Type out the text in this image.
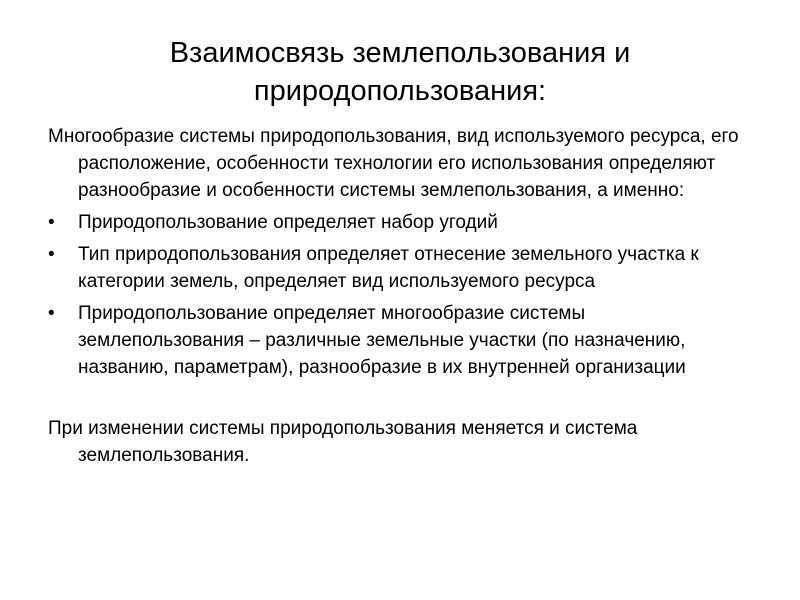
Взаимосвязь землепользования и природопользования:

Многообразие системы природопользования, вид используемого ресурса, его расположение, особенности технологии его использования определяют разнообразие и особенности системы землепользования, а именно:

•	Природопользование определяет набор угодий
•	Тип природопользования определяет отнесение земельного участка к категории земель, определяет вид используемого ресурса
•	Природопользование определяет многообразие системы землепользования – различные земельные участки (по назначению, названию, параметрам), разнообразие в их внутренней организации

При изменении системы природопользования меняется и система землепользования.
